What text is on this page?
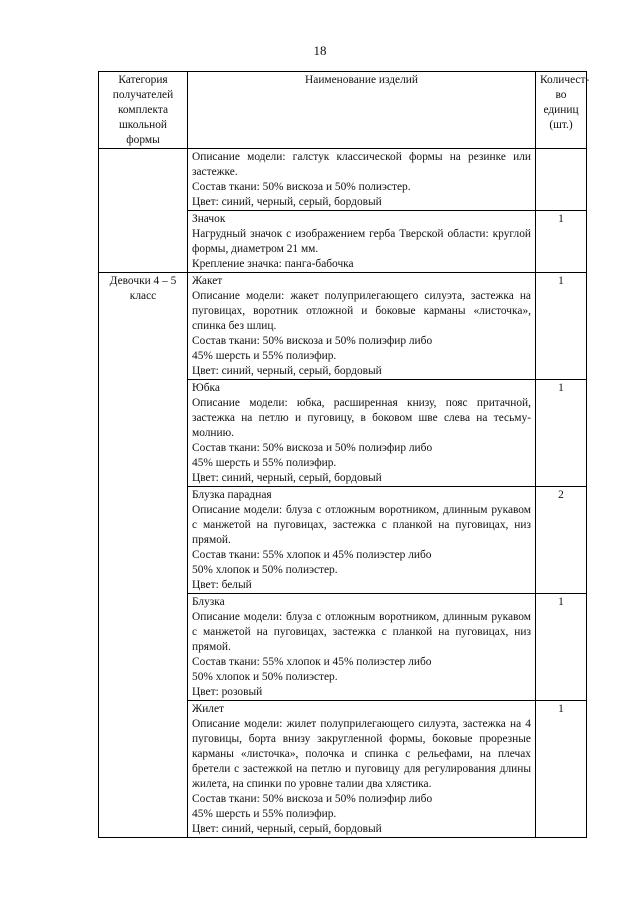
18
Категория получателей комплекта школьной формы	Наименование изделий	Количест-во единиц (шт.)

	Описание модели: галстук классической формы на резинке или застежке.

Состав ткани: 50% вискоза и 50% полиэстер.

Цвет: синий, черный, серый, бордовый	

	Значок

Нагрудный значок с изображением герба Тверской области: круглой формы, диаметром 21 мм.

Крепление значка: панга-бабочка	1
Девочки 4 – 5 класс	Жакет

Описание модели: жакет полуприлегающего силуэта, застежка на пуговицах, воротник отложной и боковые карманы «листочка», спинка без шлиц.

Состав ткани: 50% вискоза и 50% полиэфир либо

45% шерсть и 55% полиэфир.

Цвет: синий, черный, серый, бордовый	1

	Юбка

Описание модели: юбка, расширенная книзу, пояс притачной, застежка на петлю и пуговицу, в боковом шве слева на тесьму-молнию.

Состав ткани: 50% вискоза и 50% полиэфир либо

45% шерсть и 55% полиэфир.

Цвет: синий, черный, серый, бордовый	1

	Блузка парадная

Описание модели: блуза с отложным воротником, длинным рукавом с манжетой на пуговицах, застежка с планкой на пуговицах, низ прямой.

Состав ткани: 55% хлопок и 45% полиэстер либо

50% хлопок и 50% полиэстер.

Цвет: белый	2

	Блузка

Описание модели: блуза с отложным воротником, длинным рукавом с манжетой на пуговицах, застежка с планкой на пуговицах, низ прямой.

Состав ткани: 55% хлопок и 45% полиэстер либо

50% хлопок и 50% полиэстер.

Цвет: розовый	1

	Жилет

Описание модели: жилет полуприлегающего силуэта, застежка на 4 пуговицы, борта внизу закругленной формы, боковые прорезные карманы «листочка», полочка и спинка с рельефами, на плечах бретели с застежкой на петлю и пуговицу для регулирования длины жилета, на спинки по уровне талии два хлястика.

Состав ткани: 50% вискоза и 50% полиэфир либо

45% шерсть и 55% полиэфир.

Цвет: синий, черный, серый, бордовый	1
